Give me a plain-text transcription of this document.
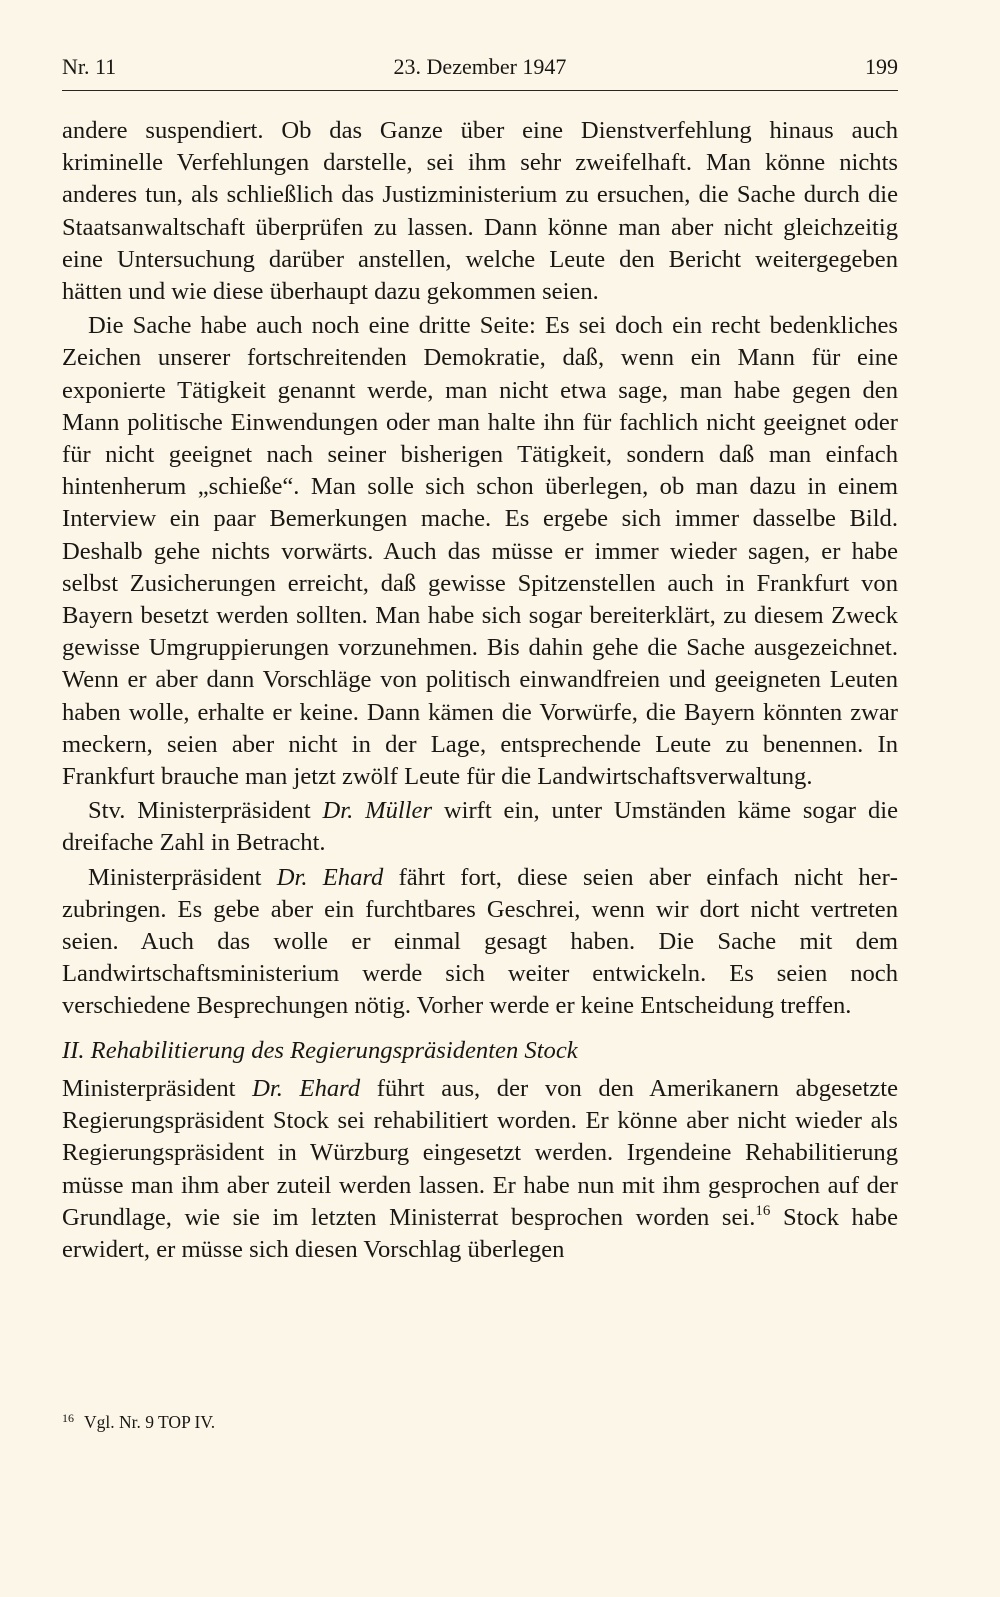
Nr. 11	23. Dezember 1947	199

andere suspendiert. Ob das Ganze über eine Dienstverfehlung hinaus auch kriminelle Verfehlungen darstelle, sei ihm sehr zweifelhaft. Man könne nichts anderes tun, als schließlich das Justizministerium zu ersuchen, die Sache durch die Staatsanwaltschaft überprüfen zu lassen. Dann könne man aber nicht gleichzeitig eine Untersuchung darüber anstellen, welche Leute den Bericht weitergegeben hätten und wie diese überhaupt dazu gekommen seien.

Die Sache habe auch noch eine dritte Seite: Es sei doch ein recht bedenkliches Zeichen unserer fortschreitenden Demokratie, daß, wenn ein Mann für eine exponierte Tätigkeit genannt werde, man nicht etwa sage, man habe gegen den Mann politische Einwendungen oder man halte ihn für fachlich nicht geeignet oder für nicht geeignet nach seiner bisherigen Tätigkeit, sondern daß man einfach hintenherum „schieße“. Man solle sich schon überlegen, ob man dazu in einem Interview ein paar Bemerkungen mache. Es ergebe sich immer dasselbe Bild. Deshalb gehe nichts vorwärts. Auch das müsse er immer wieder sagen, er habe selbst Zusicherungen erreicht, daß gewisse Spitzenstellen auch in Frankfurt von Bayern besetzt werden sollten. Man habe sich sogar bereiterklärt, zu diesem Zweck gewisse Umgruppierungen vorzunehmen. Bis dahin gehe die Sache ausgezeichnet. Wenn er aber dann Vorschläge von politisch einwandfreien und geeigneten Leuten haben wolle, erhalte er keine. Dann kämen die Vorwürfe, die Bayern könnten zwar meckern, seien aber nicht in der Lage, entsprechende Leute zu benennen. In Frankfurt brauche man jetzt zwölf Leute für die Landwirtschaftsverwaltung.

Stv. Ministerpräsident Dr. Müller wirft ein, unter Umständen käme sogar die dreifache Zahl in Betracht.

Ministerpräsident Dr. Ehard fährt fort, diese seien aber einfach nicht herzubringen. Es gebe aber ein furchtbares Geschrei, wenn wir dort nicht vertreten seien. Auch das wolle er einmal gesagt haben. Die Sache mit dem Landwirtschaftsministerium werde sich weiter entwickeln. Es seien noch verschiedene Besprechungen nötig. Vorher werde er keine Entscheidung treffen.

II. Rehabilitierung des Regierungspräsidenten Stock

Ministerpräsident Dr. Ehard führt aus, der von den Amerikanern abgesetzte Regierungspräsident Stock sei rehabilitiert worden. Er könne aber nicht wieder als Regierungspräsident in Würzburg eingesetzt werden. Irgendeine Rehabilitierung müsse man ihm aber zuteil werden lassen. Er habe nun mit ihm gesprochen auf der Grundlage, wie sie im letzten Ministerrat besprochen worden sei.$^{16}$ Stock habe erwidert, er müsse sich diesen Vorschlag überlegen

$^{16}$ Vgl. Nr. 9 TOP IV.
